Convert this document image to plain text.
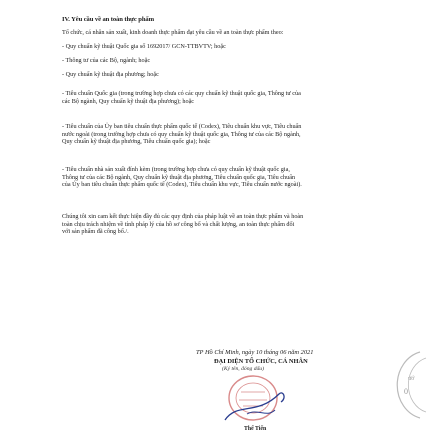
IV. Yêu cầu về an toàn thực phẩm
Tổ chức, cá nhân sản xuất, kinh doanh thực phẩm đạt yêu cầu về an toàn thực phẩm theo:
- Quy chuẩn kỹ thuật Quốc gia số 1692017/ GCN-TTBVTV; hoặc
- Thông tư của các Bộ, ngành; hoặc
- Quy chuẩn kỹ thuật địa phương; hoặc
- Tiêu chuẩn Quốc gia (trong trường hợp chưa có các quy chuẩn kỹ thuật quốc gia, Thông tư của
các Bộ ngành, Quy chuẩn kỹ thuật địa phương); hoặc
- Tiêu chuẩn của Ủy ban tiêu chuẩn thực phẩm quốc tế (Codex), Tiêu chuẩn khu vực, Tiêu chuẩn
nước ngoài (trong trường hợp chưa có quy chuẩn kỹ thuật quốc gia, Thông tư của các Bộ ngành,
Quy chuẩn kỹ thuật địa phương, Tiêu chuẩn quốc gia); hoặc
- Tiêu chuẩn nhà sản xuất đính kèm (trong trường hợp chưa có quy chuẩn kỹ thuật quốc gia,
Thông tư của các Bộ ngành, Quy chuẩn kỹ thuật địa phương, Tiêu chuẩn quốc gia, Tiêu chuẩn
của Ủy ban tiêu chuẩn thực phẩm quốc tế (Codex), Tiêu chuẩn khu vực, Tiêu chuẩn nước ngoài).
Chúng tôi xin cam kết thực hiện đầy đủ các quy định của pháp luật về an toàn thực phẩm và hoàn
toàn chịu trách nhiệm về tính pháp lý của hồ sơ công bố và chất lượng, an toàn thực phẩm đối
với sản phẩm đã công bố./.
TP Hồ Chí Minh, ngày 10 tháng 06 năm 2021
ĐẠI DIỆN TỔ CHỨC, CÁ NHÂN
(Ký tên, đóng dấu)
Thế Tiến
ướ
0
